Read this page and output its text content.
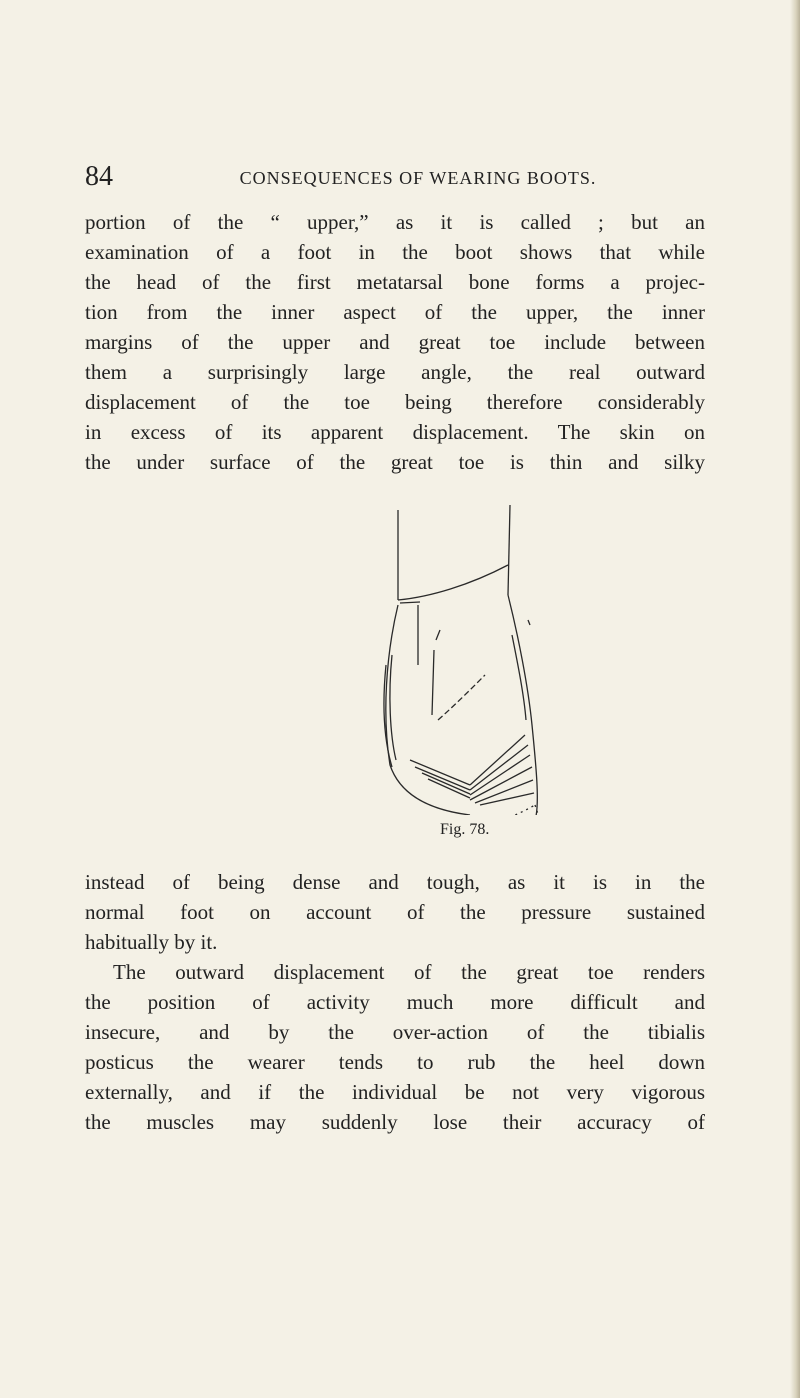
84	CONSEQUENCES OF WEARING BOOTS.
portion of the “ upper,” as it is called ; but an
examination of a foot in the boot shows that while
the head of the first metatarsal bone forms a projec-
tion from the inner aspect of the upper, the inner
margins of the upper and great toe include between
them a surprisingly large angle, the real outward
displacement of the toe being therefore considerably
in excess of its apparent displacement. The skin on
the under surface of the great toe is thin and silky
Fig. 78.
instead of being dense and tough, as it is in the
normal foot on account of the pressure sustained
habitually by it.
The outward displacement of the great toe renders
the position of activity much more difficult and
insecure, and by the over-action of the tibialis
posticus the wearer tends to rub the heel down
externally, and if the individual be not very vigorous
the muscles may suddenly lose their accuracy of
